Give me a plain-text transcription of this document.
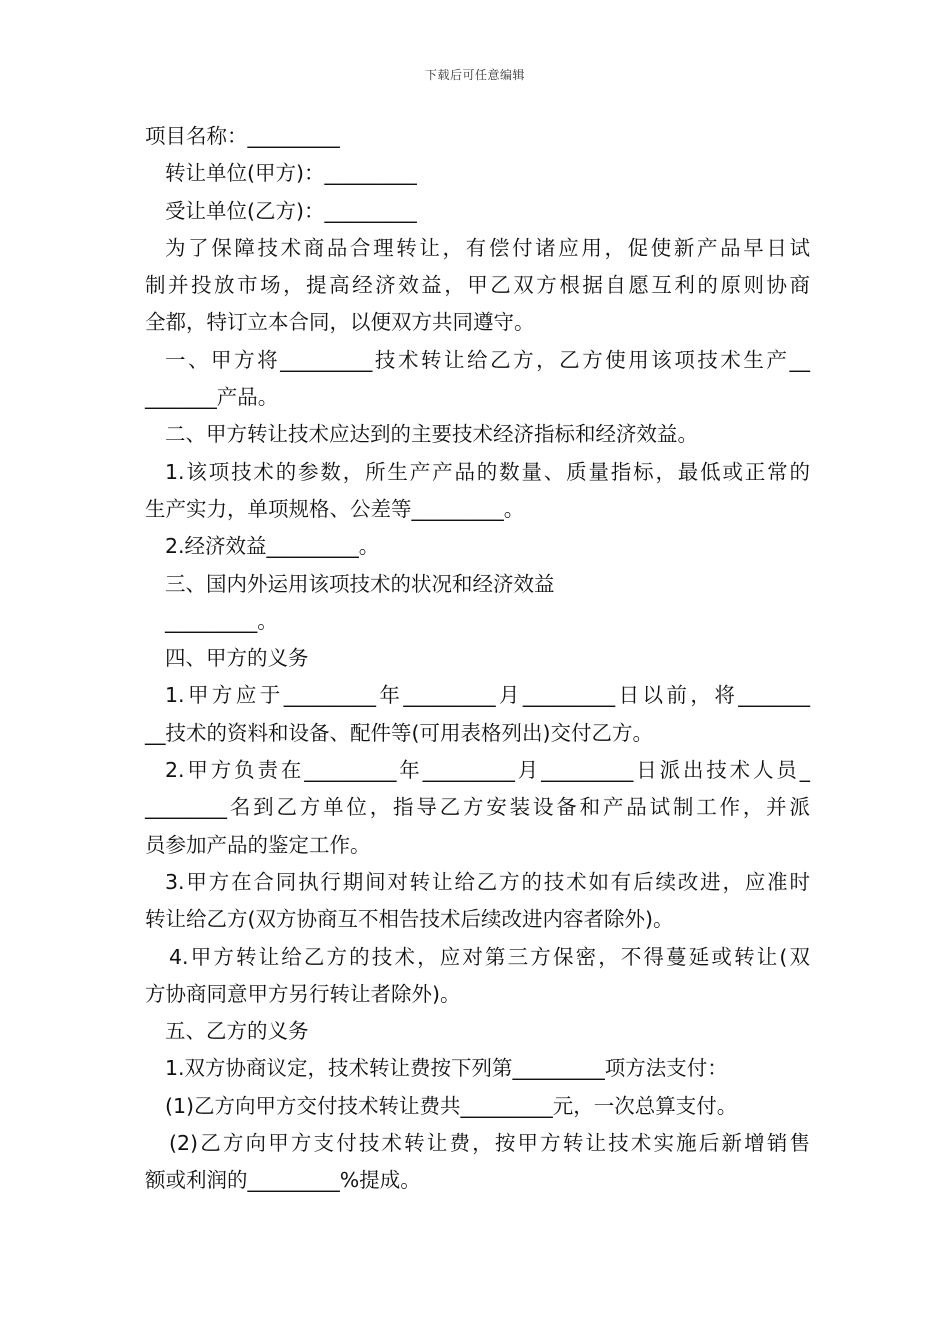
下载后可任意编辑
项目名称：_________
转让单位(甲方)：_________
受让单位(乙方)：_________
为了保障技术商品合理转让，有偿付诸应用，促使新产品早日试
制并投放市场，提高经济效益，甲乙双方根据自愿互利的原则协商
全都，特订立本合同，以便双方共同遵守。
一、甲方将_________技术转让给乙方，乙方使用该项技术生产__
_______产品。
二、甲方转让技术应达到的主要技术经济指标和经济效益。
1.该项技术的参数，所生产产品的数量、质量指标，最低或正常的
生产实力，单项规格、公差等_________。
2.经济效益_________。
三、国内外运用该项技术的状况和经济效益
_________。
四、甲方的义务
1.甲方应于_________年_________月_________日以前，将_______
__技术的资料和设备、配件等(可用表格列出)交付乙方。
2.甲方负责在_________年_________月_________日派出技术人员_
________名到乙方单位，指导乙方安装设备和产品试制工作，并派
员参加产品的鉴定工作。
3.甲方在合同执行期间对转让给乙方的技术如有后续改进，应准时
转让给乙方(双方协商互不相告技术后续改进内容者除外)。
4.甲方转让给乙方的技术，应对第三方保密，不得蔓延或转让(双
方协商同意甲方另行转让者除外)。
五、乙方的义务
1.双方协商议定，技术转让费按下列第_________项方法支付：
(1)乙方向甲方交付技术转让费共_________元，一次总算支付。
(2)乙方向甲方支付技术转让费，按甲方转让技术实施后新增销售
额或利润的_________%提成。
